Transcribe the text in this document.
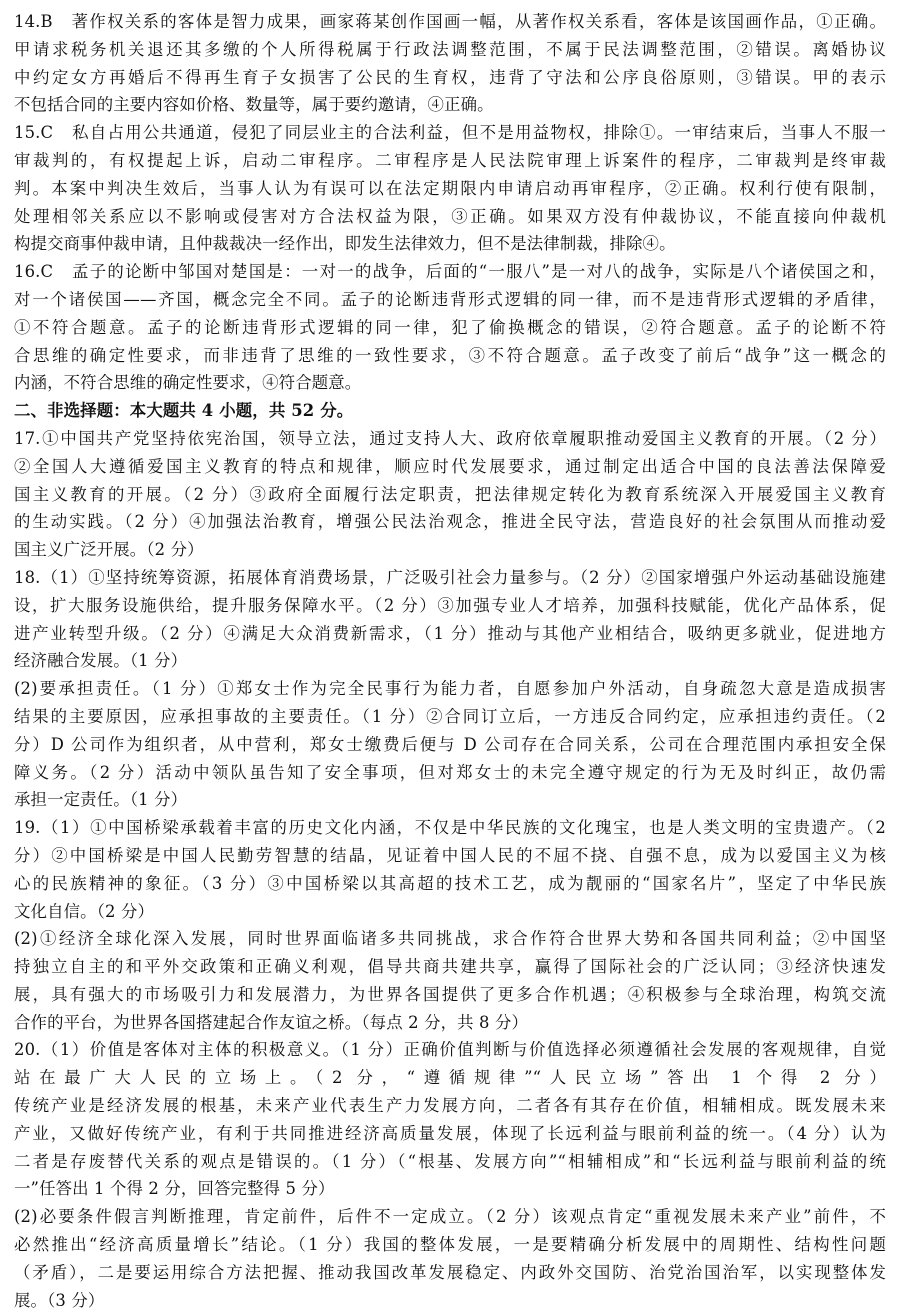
14.B　著作权关系的客体是智力成果，画家蒋某创作国画一幅，从著作权关系看，客体是该国画作品，①正确。
甲请求税务机关退还其多缴的个人所得税属于行政法调整范围，不属于民法调整范围，②错误。离婚协议
中约定女方再婚后不得再生育子女损害了公民的生育权，违背了守法和公序良俗原则，③错误。甲的表示
不包括合同的主要内容如价格、数量等，属于要约邀请，④正确。
15.C　私自占用公共通道，侵犯了同层业主的合法利益，但不是用益物权，排除①。一审结束后，当事人不服一
审裁判的，有权提起上诉，启动二审程序。二审程序是人民法院审理上诉案件的程序，二审裁判是终审裁
判。本案中判决生效后，当事人认为有误可以在法定期限内申请启动再审程序，②正确。权利行使有限制，
处理相邻关系应以不影响或侵害对方合法权益为限，③正确。如果双方没有仲裁协议，不能直接向仲裁机
构提交商事仲裁申请，且仲裁裁决一经作出，即发生法律效力，但不是法律制裁，排除④。
16.C　孟子的论断中邹国对楚国是：一对一的战争，后面的“一服八”是一对八的战争，实际是八个诸侯国之和，
对一个诸侯国——齐国，概念完全不同。孟子的论断违背形式逻辑的同一律，而不是违背形式逻辑的矛盾律，
①不符合题意。孟子的论断违背形式逻辑的同一律，犯了偷换概念的错误，②符合题意。孟子的论断不符
合思维的确定性要求，而非违背了思维的一致性要求，③不符合题意。孟子改变了前后“战争”这一概念的
内涵，不符合思维的确定性要求，④符合题意。
二、非选择题：本大题共 4 小题，共 52 分。
17.①中国共产党坚持依宪治国，领导立法，通过支持人大、政府依章履职推动爱国主义教育的开展。（2 分）
②全国人大遵循爱国主义教育的特点和规律，顺应时代发展要求，通过制定出适合中国的良法善法保障爱
国主义教育的开展。（2 分）③政府全面履行法定职责，把法律规定转化为教育系统深入开展爱国主义教育
的生动实践。（2 分）④加强法治教育，增强公民法治观念，推进全民守法，营造良好的社会氛围从而推动爱
国主义广泛开展。（2 分）
18.（1）①坚持统筹资源，拓展体育消费场景，广泛吸引社会力量参与。（2 分）②国家增强户外运动基础设施建
设，扩大服务设施供给，提升服务保障水平。（2 分）③加强专业人才培养，加强科技赋能，优化产品体系，促
进产业转型升级。（2 分）④满足大众消费新需求，（1 分）推动与其他产业相结合，吸纳更多就业，促进地方
经济融合发展。（1 分）
(2)要承担责任。（1 分）①郑女士作为完全民事行为能力者，自愿参加户外活动，自身疏忽大意是造成损害
结果的主要原因，应承担事故的主要责任。（1 分）②合同订立后，一方违反合同约定，应承担违约责任。（2
分）D 公司作为组织者，从中营利，郑女士缴费后便与 D 公司存在合同关系，公司在合理范围内承担安全保
障义务。（2 分）活动中领队虽告知了安全事项，但对郑女士的未完全遵守规定的行为无及时纠正，故仍需
承担一定责任。（1 分）
19.（1）①中国桥梁承载着丰富的历史文化内涵，不仅是中华民族的文化瑰宝，也是人类文明的宝贵遗产。（2
分）②中国桥梁是中国人民勤劳智慧的结晶，见证着中国人民的不屈不挠、自强不息，成为以爱国主义为核
心的民族精神的象征。（3 分）③中国桥梁以其高超的技术工艺，成为靓丽的“国家名片”，坚定了中华民族
文化自信。（2 分）
(2)①经济全球化深入发展，同时世界面临诸多共同挑战，求合作符合世界大势和各国共同利益；②中国坚
持独立自主的和平外交政策和正确义利观，倡导共商共建共享，赢得了国际社会的广泛认同；③经济快速发
展，具有强大的市场吸引力和发展潜力，为世界各国提供了更多合作机遇；④积极参与全球治理，构筑交流
合作的平台，为世界各国搭建起合作友谊之桥。（每点 2 分，共 8 分）
20.（1）价值是客体对主体的积极意义。（1 分）正确价值判断与价值选择必须遵循社会发展的客观规律，自觉
站在最广大人民的立场上。（2 分，“遵循规律”“人民立场”答出 1 个得 2 分）
传统产业是经济发展的根基，未来产业代表生产力发展方向，二者各有其存在价值，相辅相成。既发展未来
产业，又做好传统产业，有利于共同推进经济高质量发展，体现了长远利益与眼前利益的统一。（4 分）认为
二者是存废替代关系的观点是错误的。（1 分）（“根基、发展方向”“相辅相成”和“长远利益与眼前利益的统
一”任答出 1 个得 2 分，回答完整得 5 分）
(2)必要条件假言判断推理，肯定前件，后件不一定成立。（2 分）该观点肯定“重视发展未来产业”前件，不
必然推出“经济高质量增长”结论。（1 分）我国的整体发展，一是要精确分析发展中的周期性、结构性问题
（矛盾），二是要运用综合方法把握、推动我国改革发展稳定、内政外交国防、治党治国治军，以实现整体发
展。（3 分）
